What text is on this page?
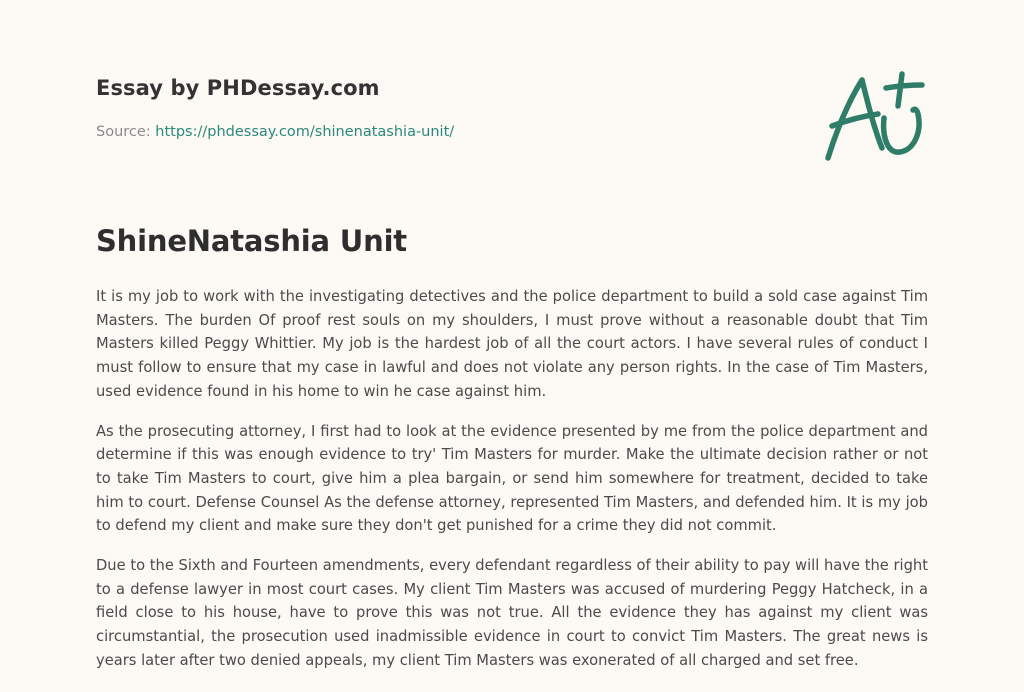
Essay by PHDessay.com

Source: https://phdessay.com/shinenatashia-unit/

ShineNatashia Unit

It is my job to work with the investigating detectives and the police department to build a sold case against Tim Masters. The burden Of proof rest souls on my shoulders, I must prove without a reasonable doubt that Tim Masters killed Peggy Whittier. My job is the hardest job of all the court actors. I have several rules of conduct I must follow to ensure that my case in lawful and does not violate any person rights. In the case of Tim Masters, used evidence found in his home to win he case against him.

As the prosecuting attorney, I first had to look at the evidence presented by me from the police department and determine if this was enough evidence to try' Tim Masters for murder. Make the ultimate decision rather or not to take Tim Masters to court, give him a plea bargain, or send him somewhere for treatment, decided to take him to court. Defense Counsel As the defense attorney, represented Tim Masters, and defended him. It is my job to defend my client and make sure they don't get punished for a crime they did not commit.

Due to the Sixth and Fourteen amendments, every defendant regardless of their ability to pay will have the right to a defense lawyer in most court cases. My client Tim Masters was accused of murdering Peggy Hatcheck, in a field close to his house, have to prove this was not true. All the evidence they has against my client was circumstantial, the prosecution used inadmissible evidence in court to convict Tim Masters. The great news is years later after two denied appeals, my client Tim Masters was exonerated of all charged and set free.
